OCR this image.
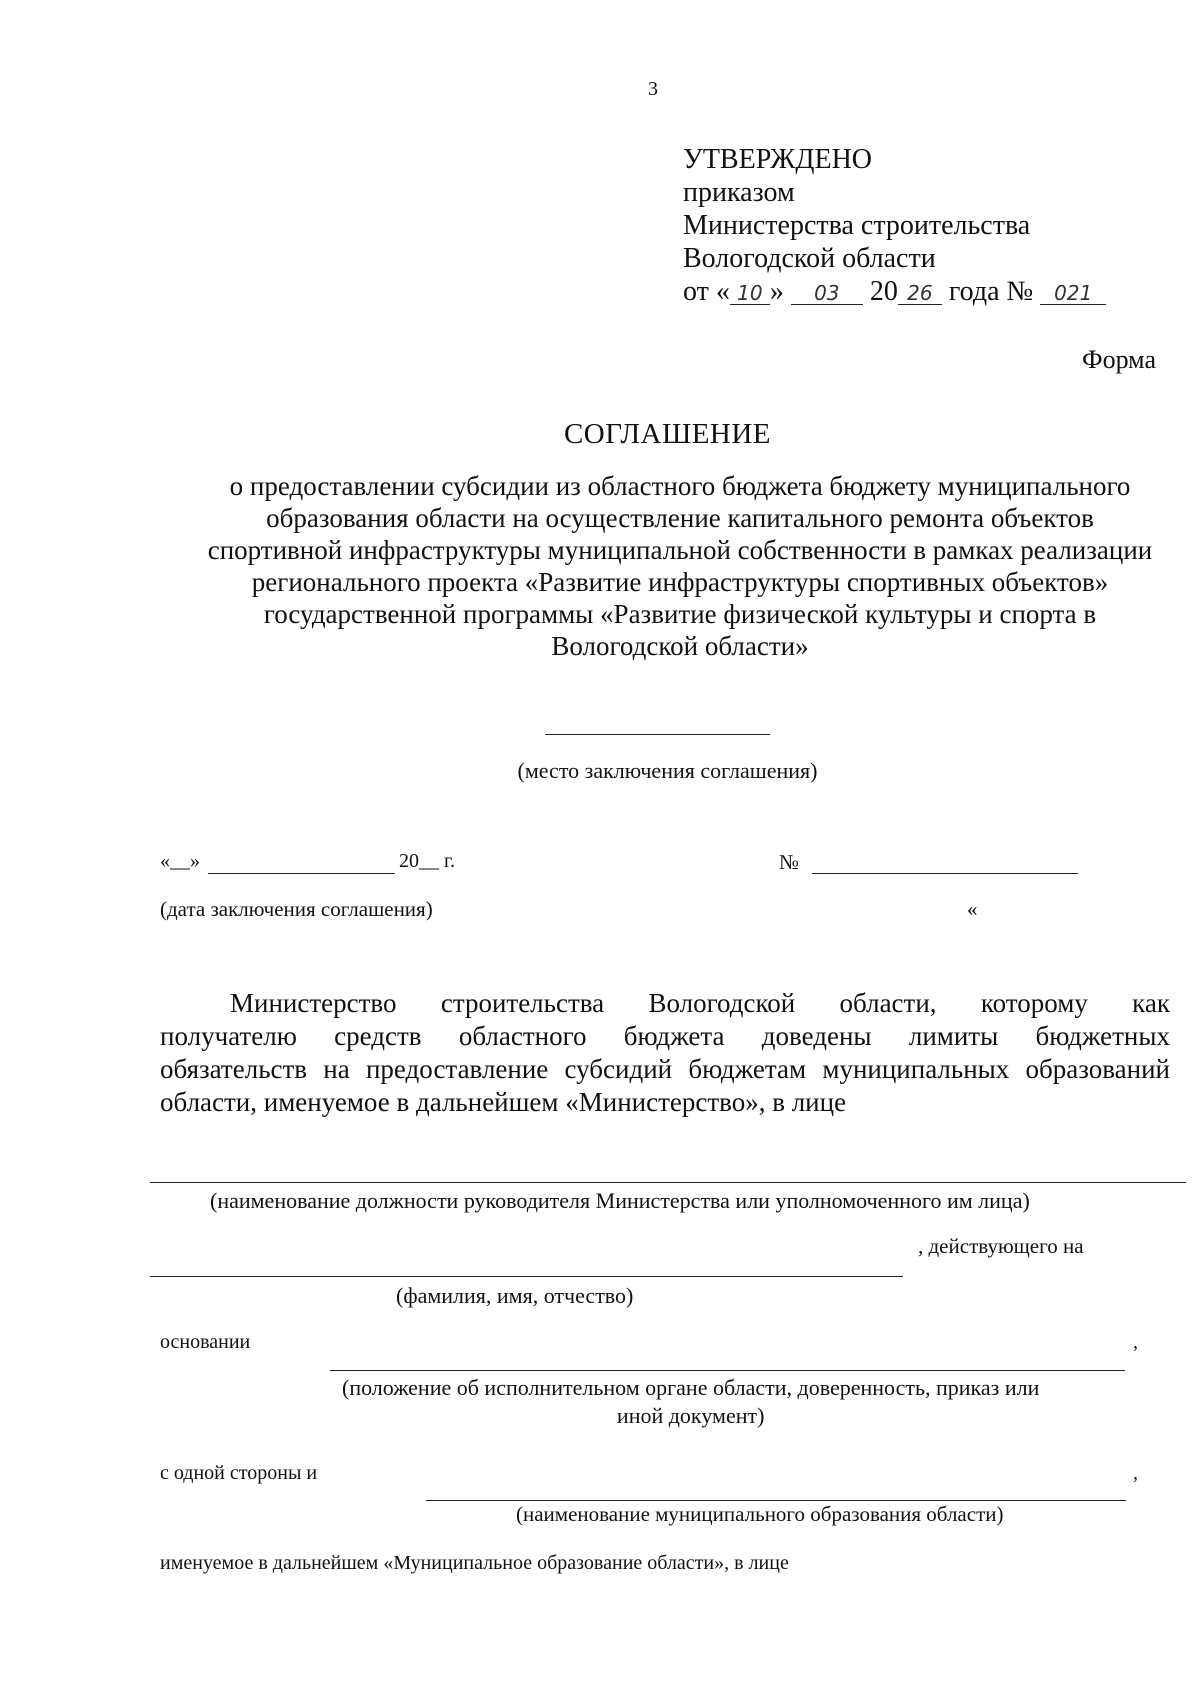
3
УТВЕРЖДЕНО
приказом
Министерства строительства
Вологодской области
от « 10 » 03 20 26 года № 021
Форма
СОГЛАШЕНИЕ
о предоставлении субсидии из областного бюджета бюджету муниципального
образования области на осуществление капитального ремонта объектов
спортивной инфраструктуры муниципальной собственности в рамках реализации
регионального проекта «Развитие инфраструктуры спортивных объектов»
государственной программы «Развитие физической культуры и спорта в
Вологодской области»
(место заключения соглашения)
«__»	20__ г.	№
(дата заключения соглашения)	«
Министерство строительства Вологодской области, которому как
получателю средств областного бюджета доведены лимиты бюджетных
обязательств на предоставление субсидий бюджетам муниципальных образований
области, именуемое в дальнейшем «Министерство», в лице
(наименование должности руководителя Министерства или уполномоченного им лица)
, действующего на
(фамилия, имя, отчество)
основании	,
(положение об исполнительном органе области, доверенность, приказ или
иной документ)
с одной стороны и	,
(наименование муниципального образования области)
именуемое в дальнейшем «Муниципальное образование области», в лице
